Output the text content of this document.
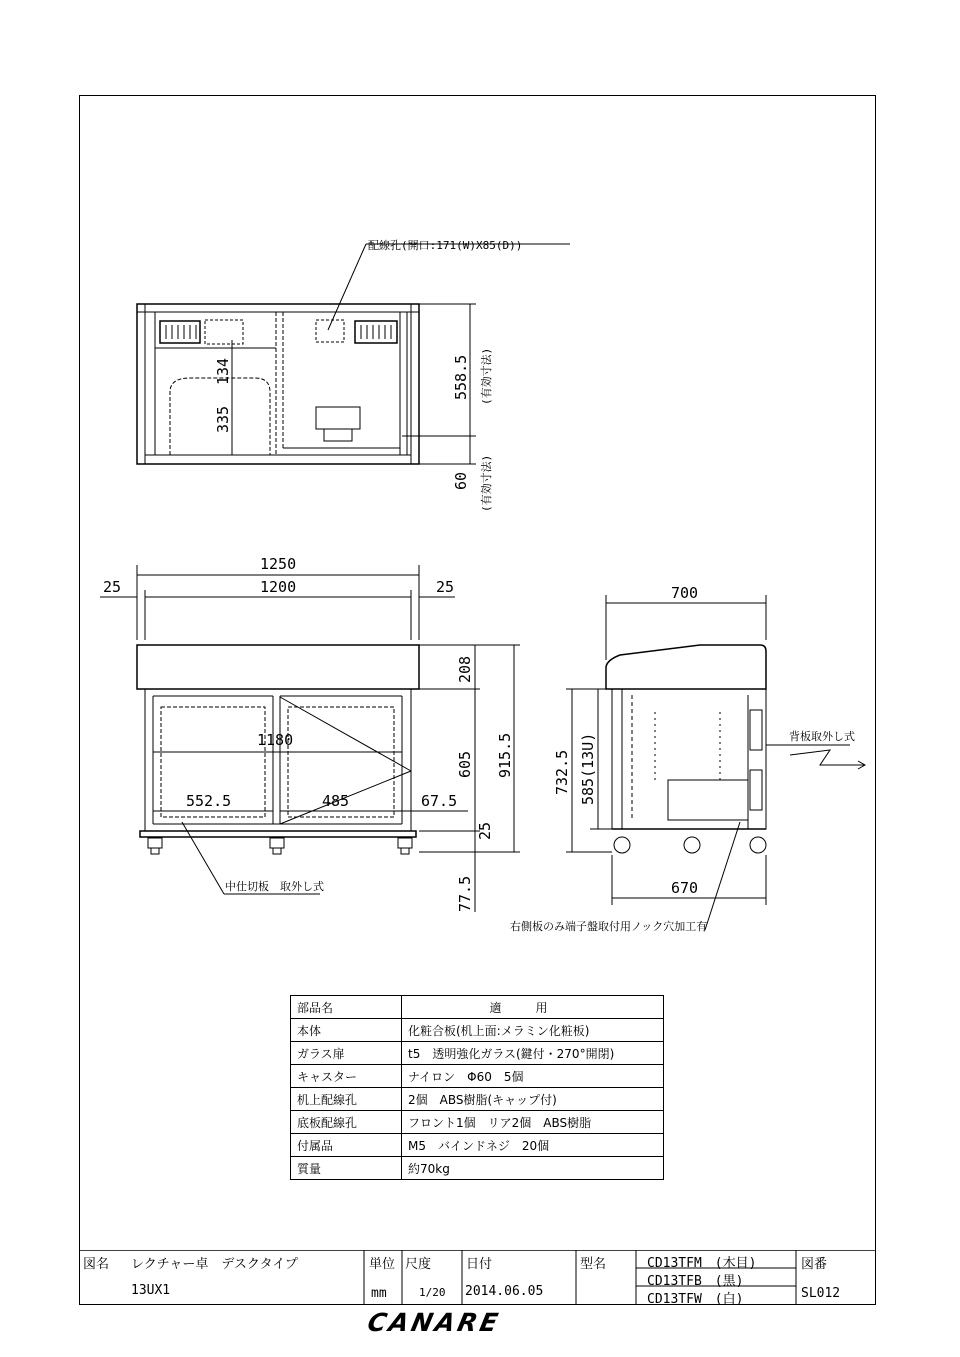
配線孔(開口:171(W)X85(D))
134
335
558.5 (有効寸法)
60 (有効寸法)
1250
1200
25	25
1180
552.5	485	67.5
208
605 915.5
25
77.5
中仕切板　取外し式
700
670
732.5 585(13U)	背板取外し式
右側板のみ端子盤取付用ノック穴加工有
部品名	適用
本体	化粧合板(机上面:メラミン化粧板)
ガラス扉	t5　透明強化ガラス(鍵付・270°開閉)
キャスター	ナイロン　Φ60　5個
机上配線孔	2個　ABS樹脂(キャップ付)
底板配線孔	フロント1個　リア2個　ABS樹脂
付属品	M5　バインドネジ　20個
質量	約70kg
図名 レクチャー卓　デスクタイプ
13UX1
単位
mm
尺度
1/20
日付
2014.06.05
型名	CD13TFM　(木目)
CD13TFB　(黒)
CD13TFW　(白)
図番
SL012
CANARE
